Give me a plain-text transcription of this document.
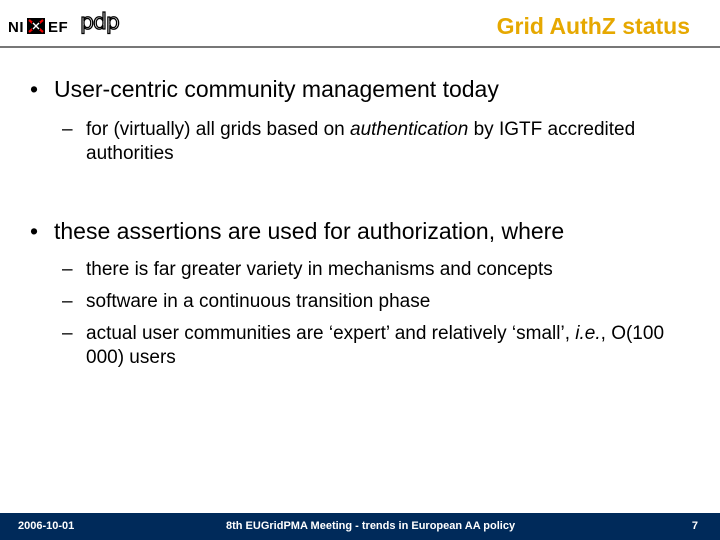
NI EF pdp	Grid AuthZ status
• User-centric community management today
– for (virtually) all grids based on authentication by IGTF accredited authorities
• these assertions are used for authorization, where
– there is far greater variety in mechanisms and concepts
– software in a continuous transition phase
– actual user communities are ‘expert’ and relatively ‘small’, i.e., O(100 000) users
2006-10-01	8th EUGridPMA Meeting - trends in European AA policy	7
